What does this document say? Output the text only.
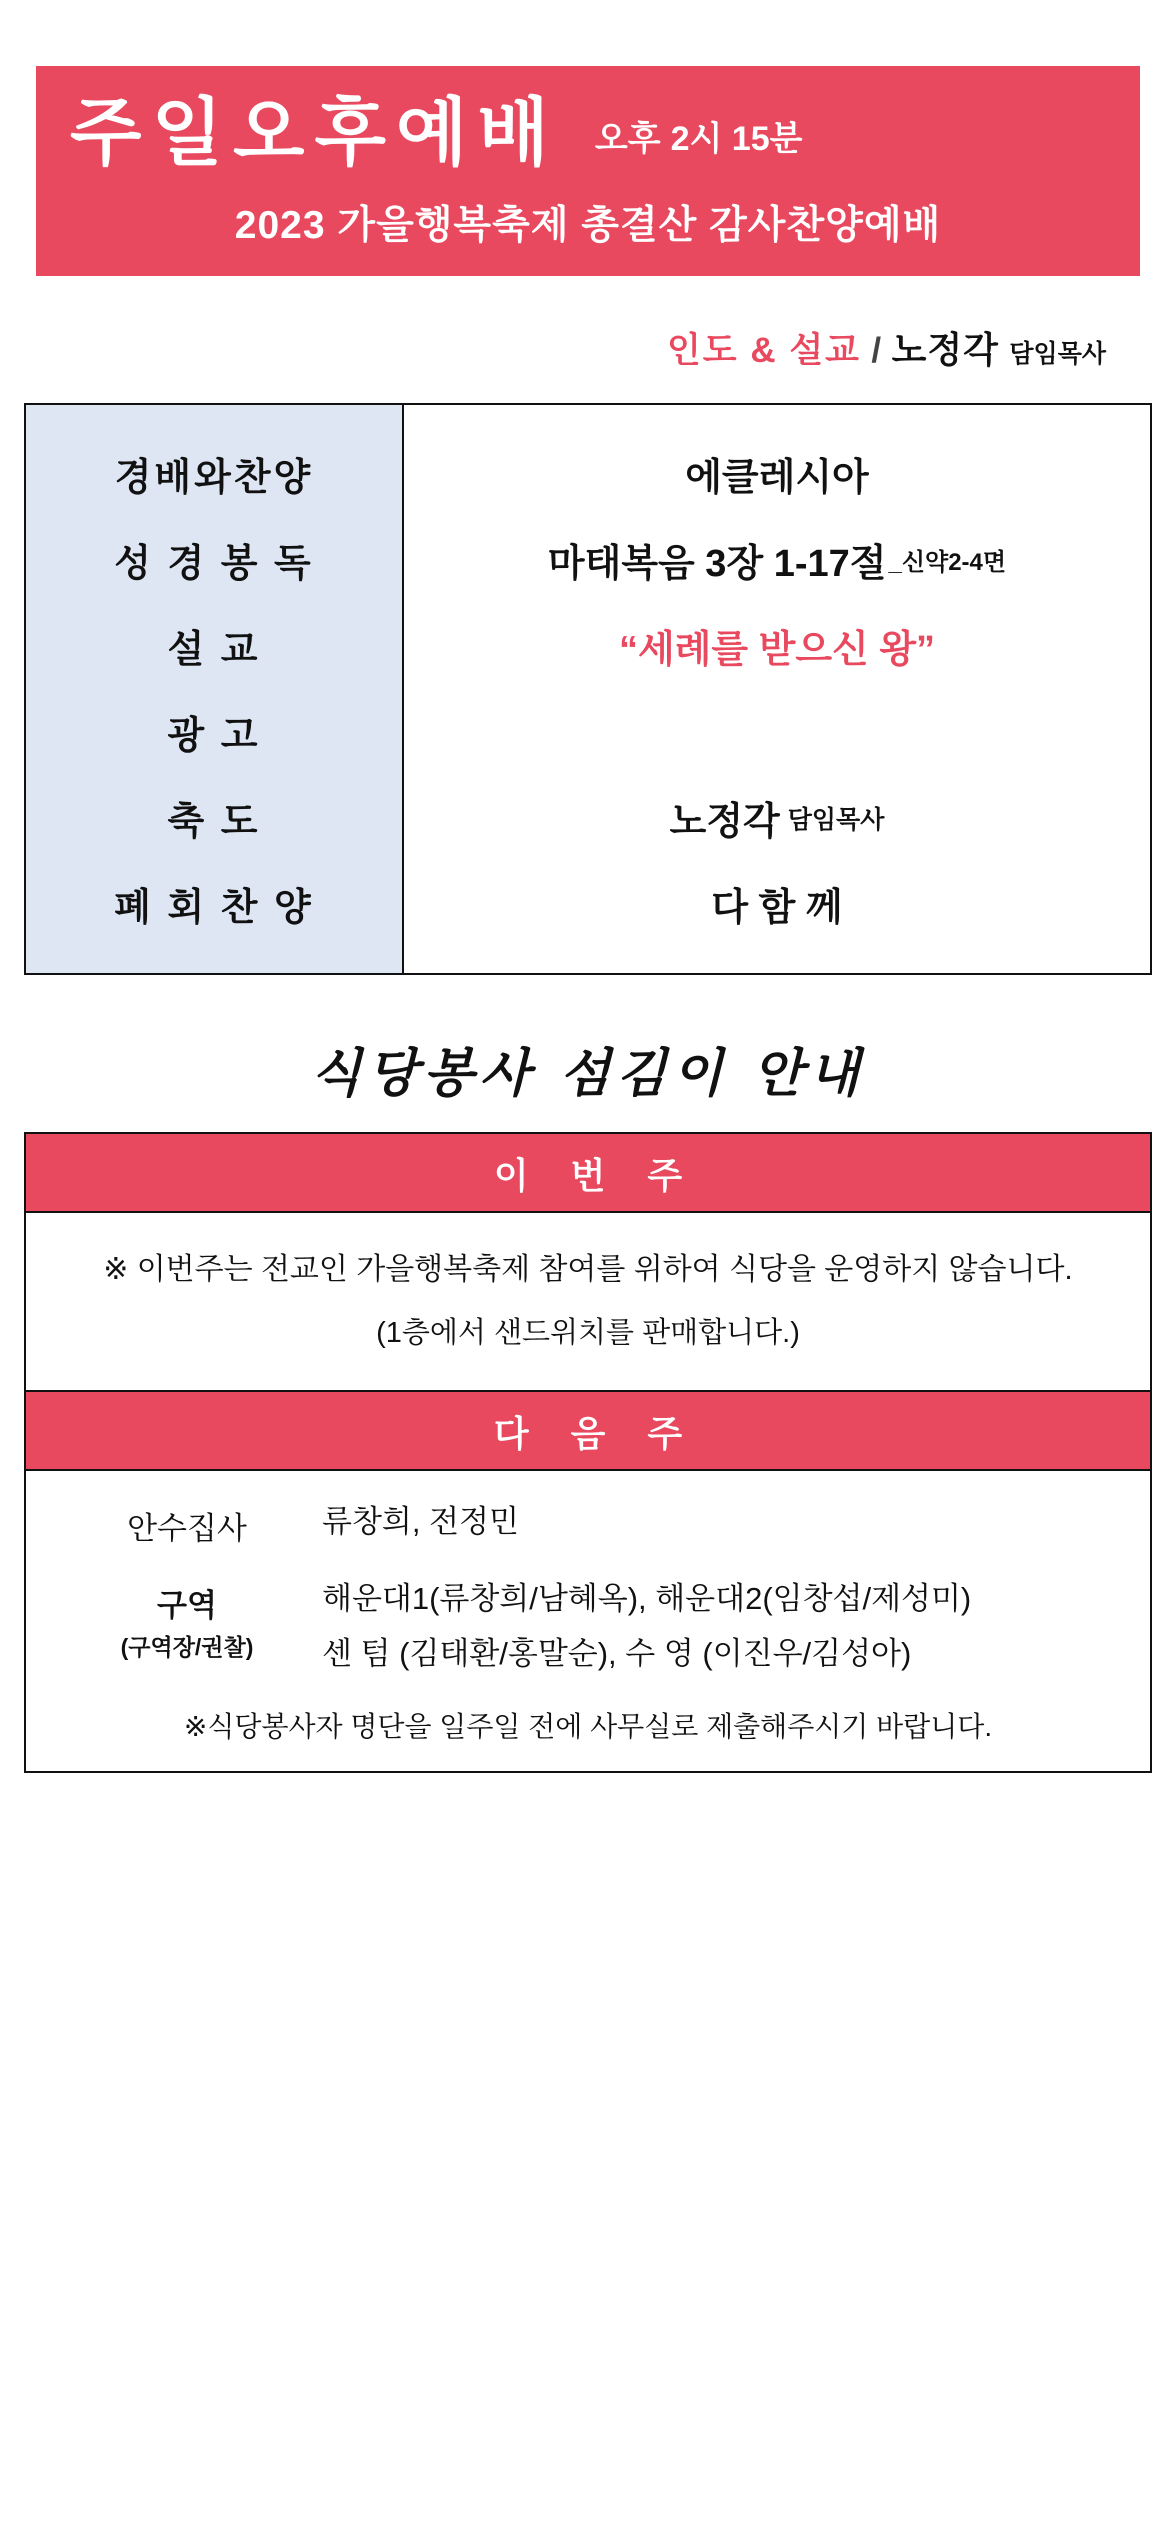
주일오후예배 오후 2시 15분
2023 가을행복축제 총결산 감사찬양예배
인도 & 설교 / 노정각 담임목사
경배와찬양
성 경 봉 독
설 교
광 고
축 도
폐 회 찬 양
에클레시아
마태복음 3장 1-17절 _신약2-4면
“세례를 받으신 왕”
노정각 담임목사
다 함 께
식당봉사 섬김이 안내
이 번 주
※ 이번주는 전교인 가을행복축제 참여를 위하여 식당을 운영하지 않습니다.
(1층에서 샌드위치를 판매합니다.)
다 음 주
안수집사	류창희, 전정민
구역
(구역장/권찰)
해운대1(류창희/남혜옥), 해운대2(임창섭/제성미)
센 텀 (김태환/홍말순), 수 영 (이진우/김성아)
※식당봉사자 명단을 일주일 전에 사무실로 제출해주시기 바랍니다.
